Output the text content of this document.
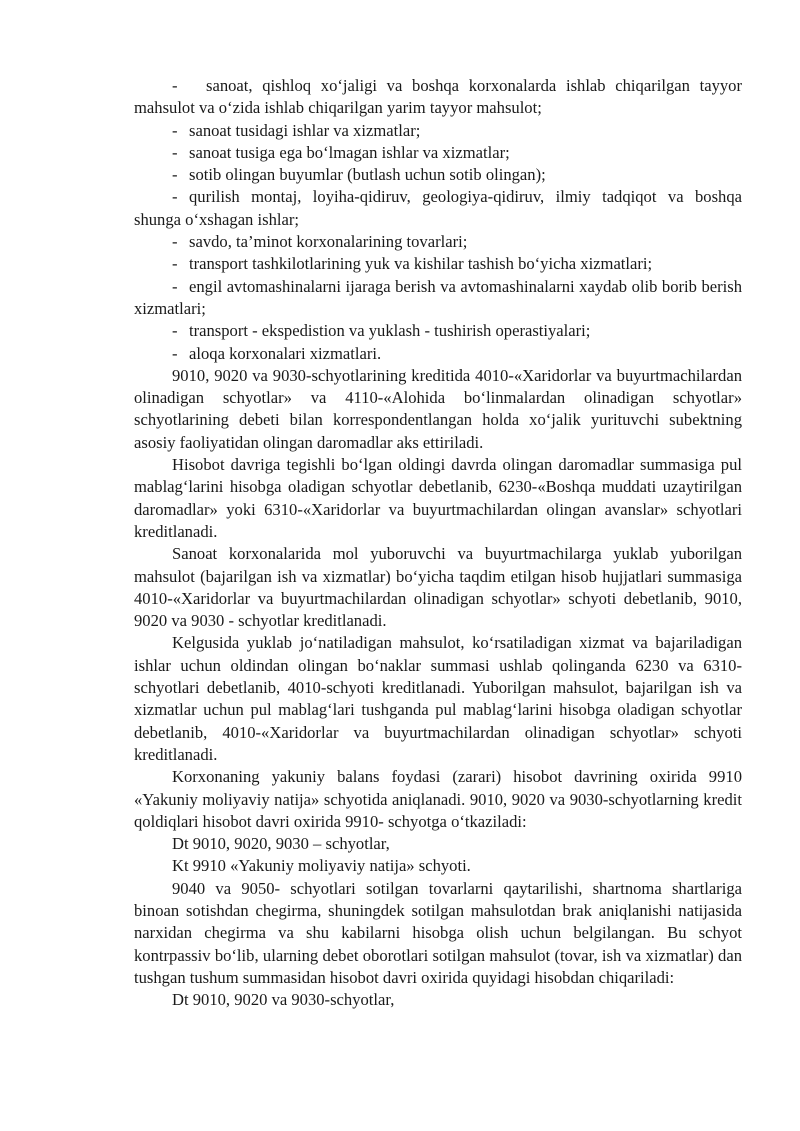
- sanoat, qishloq xo‘jaligi va boshqa korxonalarda ishlab chiqarilgan tayyor mahsulot va o‘zida ishlab chiqarilgan yarim tayyor mahsulot;

- sanoat tusidagi ishlar va xizmatlar;

- sanoat tusiga ega bo‘lmagan ishlar va xizmatlar;

- sotib olingan buyumlar (butlash uchun sotib olingan);

- qurilish montaj, loyiha-qidiruv, geologiya-qidiruv, ilmiy tadqiqot va boshqa shunga o‘xshagan ishlar;

- savdo, ta’minot korxonalarining tovarlari;

- transport tashkilotlarining yuk va kishilar tashish bo‘yicha xizmatlari;

- engil avtomashinalarni ijaraga berish va avtomashinalarni xaydab olib borib berish xizmatlari;

- transport - ekspedistion va yuklash - tushirish operastiyalari;

- aloqa korxonalari xizmatlari.

9010, 9020 va 9030-schyotlarining kreditida 4010-«Xaridorlar va buyurtmachilardan olinadigan schyotlar» va 4110-«Alohida bo‘linmalardan olinadigan schyotlar» schyotlarining debeti bilan korrespondentlangan holda xo‘jalik yurituvchi subektning asosiy faoliyatidan olingan daromadlar aks ettiriladi.

Hisobot davriga tegishli bo‘lgan oldingi davrda olingan daromadlar summasiga pul mablag‘larini hisobga oladigan schyotlar debetlanib, 6230-«Boshqa muddati uzaytirilgan daromadlar» yoki 6310-«Xaridorlar va buyurtmachilardan olingan avanslar» schyotlari kreditlanadi.

Sanoat korxonalarida mol yuboruvchi va buyurtmachilarga yuklab yuborilgan mahsulot (bajarilgan ish va xizmatlar) bo‘yicha taqdim etilgan hisob hujjatlari summasiga 4010-«Xaridorlar va buyurtmachilardan olinadigan schyotlar» schyoti debetlanib, 9010, 9020 va 9030 - schyotlar kreditlanadi.

Kelgusida yuklab jo‘natiladigan mahsulot, ko‘rsatiladigan xizmat va bajariladigan ishlar uchun oldindan olingan bo‘naklar summasi ushlab qolinganda 6230 va 6310-schyotlari debetlanib, 4010-schyoti kreditlanadi. Yuborilgan mahsulot, bajarilgan ish va xizmatlar uchun pul mablag‘lari tushganda pul mablag‘larini hisobga oladigan schyotlar debetlanib, 4010-«Xaridorlar va buyurtmachilardan olinadigan schyotlar» schyoti kreditlanadi.

Korxonaning yakuniy balans foydasi (zarari) hisobot davrining oxirida 9910 «Yakuniy moliyaviy natija» schyotida aniqlanadi. 9010, 9020 va 9030-schyotlarning kredit qoldiqlari hisobot davri oxirida 9910- schyotga o‘tkaziladi:

Dt 9010, 9020, 9030 – schyotlar,

Kt 9910 «Yakuniy moliyaviy natija» schyoti.

9040 va 9050- schyotlari sotilgan tovarlarni qaytarilishi, shartnoma shartlariga binoan sotishdan chegirma, shuningdek sotilgan mahsulotdan brak aniqlanishi natijasida narxidan chegirma va shu kabilarni hisobga olish uchun belgilangan. Bu schyot kontrpassiv bo‘lib, ularning debet oborotlari sotilgan mahsulot (tovar, ish va xizmatlar) dan tushgan tushum summasidan hisobot davri oxirida quyidagi hisobdan chiqariladi:

Dt 9010, 9020 va 9030-schyotlar,
